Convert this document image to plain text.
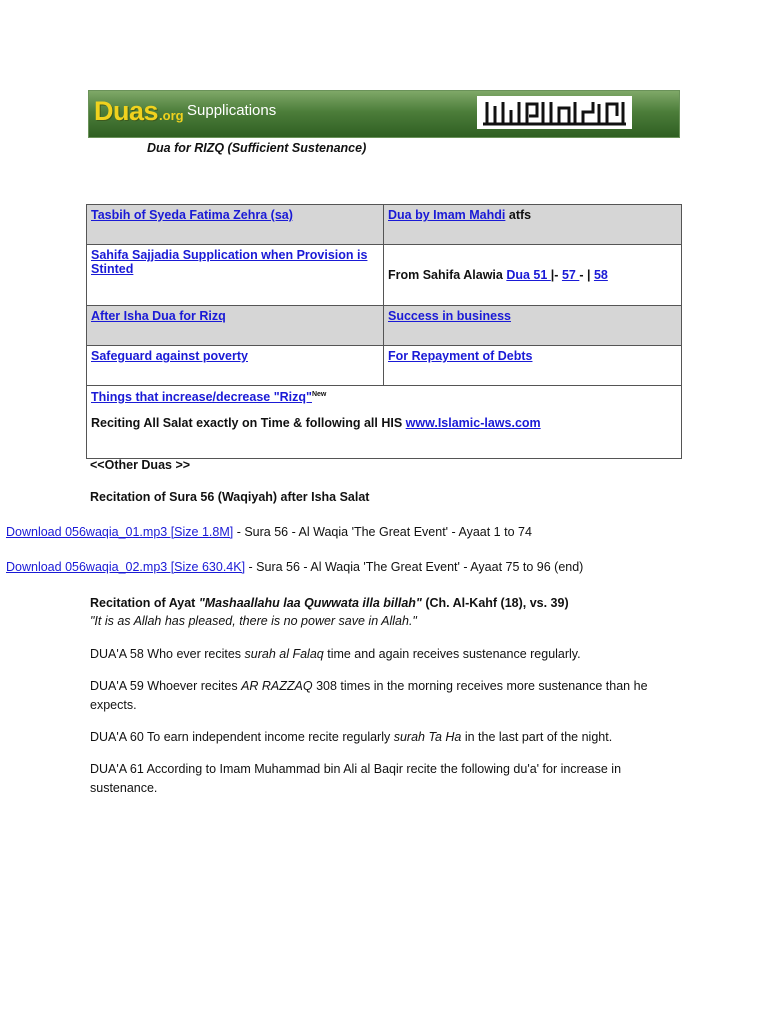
Duas .org Supplications
Dua for RIZQ (Sufficient Sustenance)
Tasbih of Syeda Fatima Zehra (sa)	Dua by Imam Mahdi atfs
Sahifa Sajjadia Supplication when Provision is Stinted	From Sahifa Alawia Dua 51 |- 57 - | 58
After Isha Dua for Rizq	Success in business
Safeguard against poverty	For Repayment of Debts

Things that increase/decrease "Rizq"$^{New}$
Reciting All Salat exactly on Time & following all HIS www.Islamic-laws.com	
<<Other Duas >>
Recitation of Sura 56 (Waqiyah) after Isha Salat
Download 056waqia_01.mp3 [Size 1.8M] - Sura 56 - Al Waqia 'The Great Event' - Ayaat 1 to 74
Download 056waqia_02.mp3 [Size 630.4K] - Sura 56 - Al Waqia 'The Great Event' - Ayaat 75 to 96 (end)
Recitation of Ayat "Mashaallahu laa Quwwata illa billah" (Ch. Al-Kahf (18), vs. 39)
"It is as Allah has pleased, there is no power save in Allah."
DUA'A 58 Who ever recites surah al Falaq time and again receives sustenance regularly.
DUA'A 59 Whoever recites AR RAZZAQ 308 times in the morning receives more sustenance than he expects.
DUA'A 60 To earn independent income recite regularly surah Ta Ha in the last part of the night.
DUA'A 61 According to Imam Muhammad bin Ali al Baqir recite the following du'a' for increase in sustenance.
